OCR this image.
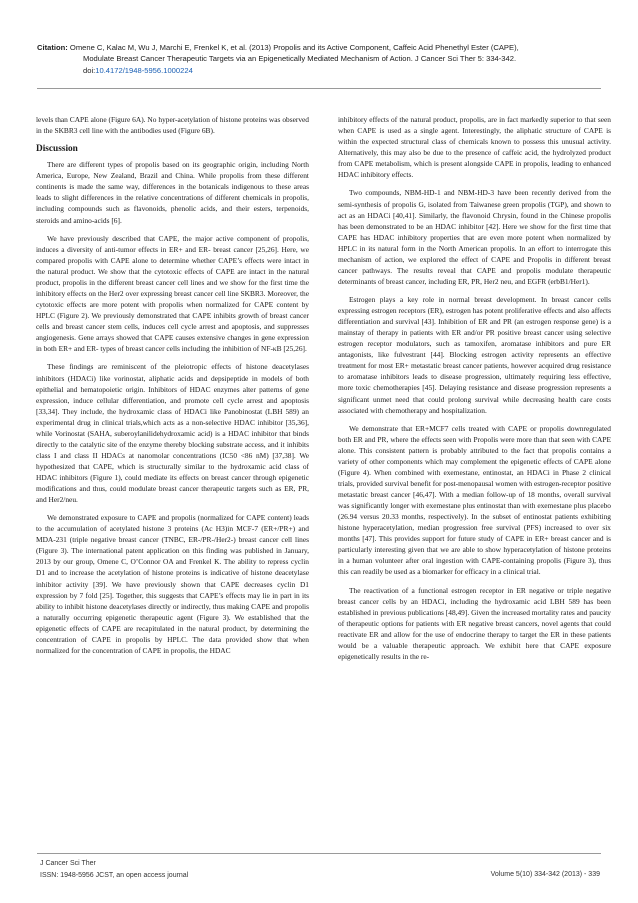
Citation: Omene C, Kalac M, Wu J, Marchi E, Frenkel K, et al. (2013) Propolis and its Active Component, Caffeic Acid Phenethyl Ester (CAPE),
Modulate Breast Cancer Therapeutic Targets via an Epigenetically Mediated Mechanism of Action. J Cancer Sci Ther 5: 334-342.
doi:10.4172/1948-5956.1000224

levels than CAPE alone (Figure 6A). No hyper-acetylation of histone proteins was observed in the SKBR3 cell line with the antibodies used (Figure 6B).

Discussion

There are different types of propolis based on its geographic origin, including North America, Europe, New Zealand, Brazil and China. While propolis from these different continents is made the same way, differences in the botanicals indigenous to these areas leads to slight differences in the relative concentrations of different chemicals in propolis, including compounds such as flavonoids, phenolic acids, and their esters, terpenoids, steroids and amino-acids [6].

We have previously described that CAPE, the major active component of propolis, induces a diversity of anti-tumor effects in ER+ and ER- breast cancer [25,26]. Here, we compared propolis with CAPE alone to determine whether CAPE’s effects were intact in the natural product. We show that the cytotoxic effects of CAPE are intact in the natural product, propolis in the different breast cancer cell lines and we show for the first time the inhibitory effects on the Her2 over expressing breast cancer cell line SKBR3. Moreover, the cytotoxic effects are more potent with propolis when normalized for CAPE content by HPLC (Figure 2). We previously demonstrated that CAPE inhibits growth of breast cancer cells and breast cancer stem cells, induces cell cycle arrest and apoptosis, and suppresses angiogenesis. Gene arrays showed that CAPE causes extensive changes in gene expression in both ER+ and ER- types of breast cancer cells including the inhibition of NF-κB [25,26].

These findings are reminiscent of the pleiotropic effects of histone deacetylases inhibitors (HDACi) like vorinostat, aliphatic acids and depsipeptide in models of both epithelial and hematopoietic origin. Inhibitors of HDAC enzymes alter patterns of gene expression, induce cellular differentiation, and promote cell cycle arrest and apoptosis [33,34]. They include, the hydroxamic class of HDACi like Panobinostat (LBH 589) an experimental drug in clinical trials,which acts as a non-selective HDAC inhibitor [35,36], while Vorinostat (SAHA, suberoylanilidehydroxamic acid) is a HDAC inhibitor that binds directly to the catalytic site of the enzyme thereby blocking substrate access, and it inhibits class I and class II HDACs at nanomolar concentrations (IC50 <86 nM) [37,38]. We hypothesized that CAPE, which is structurally similar to the hydroxamic acid class of HDAC inhibitors (Figure 1), could mediate its effects on breast cancer through epigenetic modifications and thus, could modulate breast cancer therapeutic targets such as ER, PR, and Her2/neu.

We demonstrated exposure to CAPE and propolis (normalized for CAPE content) leads to the accumulation of acetylated histone 3 proteins (Ac H3)in MCF-7 (ER+/PR+) and MDA-231 (triple negative breast cancer (TNBC, ER-/PR-/Her2-) breast cancer cell lines (Figure 3). The international patent application on this finding was published in January, 2013 by our group, Omene C, O’Connor OA and Frenkel K. The ability to repress cyclin D1 and to increase the acetylation of histone proteins is indicative of histone deacetylase inhibitor activity [39]. We have previously shown that CAPE decreases cyclin D1 expression by 7 fold [25]. Together, this suggests that CAPE’s effects may lie in part in its ability to inhibit histone deacetylases directly or indirectly, thus making CAPE and propolis a naturally occurring epigenetic therapeutic agent (Figure 3). We established that the epigenetic effects of CAPE are recapitulated in the natural product, by determining the concentration of CAPE in propolis by HPLC. The data provided show that when normalized for the concentration of CAPE in propolis, the HDAC

inhibitory effects of the natural product, propolis, are in fact markedly superior to that seen when CAPE is used as a single agent. Interestingly, the aliphatic structure of CAPE is within the expected structural class of chemicals known to possess this unusual activity. Alternatively, this may also be due to the presence of caffeic acid, the hydrolyzed product from CAPE metabolism, which is present alongside CAPE in propolis, leading to enhanced HDAC inhibitory effects.

Two compounds, NBM-HD-1 and NBM-HD-3 have been recently derived from the semi-synthesis of propolis G, isolated from Taiwanese green propolis (TGP), and shown to act as an HDACi [40,41]. Similarly, the flavonoid Chrysin, found in the Chinese propolis has been demonstrated to be an HDAC inhibitor [42]. Here we show for the first time that CAPE has HDAC inhibitory properties that are even more potent when normalized by HPLC in its natural form in the North American propolis. In an effort to interrogate this mechanism of action, we explored the effect of CAPE and Propolis in different breast cancer pathways. The results reveal that CAPE and propolis modulate therapeutic determinants of breast cancer, including ER, PR, Her2 neu, and EGFR (erbB1/Her1).

Estrogen plays a key role in normal breast development. In breast cancer cells expressing estrogen receptors (ER), estrogen has potent proliferative effects and also affects differentiation and survival [43]. Inhibition of ER and PR (an estrogen response gene) is a mainstay of therapy in patients with ER and/or PR positive breast cancer using selective estrogen receptor modulators, such as tamoxifen, aromatase inhibitors and pure ER antagonists, like fulvestrant [44]. Blocking estrogen activity represents an effective treatment for most ER+ metastatic breast cancer patients, however acquired drug resistance to aromatase inhibitors leads to disease progression, ultimately requiring less effective, more toxic chemotherapies [45]. Delaying resistance and disease progression represents a significant unmet need that could prolong survival while decreasing health care costs associated with chemotherapy and hospitalization.

We demonstrate that ER+MCF7 cells treated with CAPE or propolis downregulated both ER and PR, where the effects seen with Propolis were more than that seen with CAPE alone. This consistent pattern is probably attributed to the fact that propolis contains a variety of other components which may complement the epigenetic effects of CAPE alone (Figure 4). When combined with exemestane, entinostat, an HDACi in Phase 2 clinical trials, provided survival benefit for post-menopausal women with estrogen-receptor positive metastatic breast cancer [46,47]. With a median follow-up of 18 months, overall survival was significantly longer with exemestane plus entinostat than with exemestane plus placebo (26.94 versus 20.33 months, respectively). In the subset of entinostat patients exhibiting histone hyperacetylation, median progression free survival (PFS) increased to over six months [47]. This provides support for future study of CAPE in ER+ breast cancer and is particularly interesting given that we are able to show hyperacetylation of histone proteins in a human volunteer after oral ingestion with CAPE-containing propolis (Figure 3), thus this can readily be used as a biomarker for efficacy in a clinical trial.

The reactivation of a functional estrogen receptor in ER negative or triple negative breast cancer cells by an HDACi, including the hydroxamic acid LBH 589 has been established in previous publications [48,49]. Given the increased mortality rates and paucity of therapeutic options for patients with ER negative breast cancers, novel agents that could reactivate ER and allow for the use of endocrine therapy to target the ER in these patients would be a valuable therapeutic approach. We exhibit here that CAPE exposure epigenetically results in the re-

J Cancer Sci Ther
ISSN: 1948-5956 JCST, an open access journal	Volume 5(10) 334-342 (2013) - 339
